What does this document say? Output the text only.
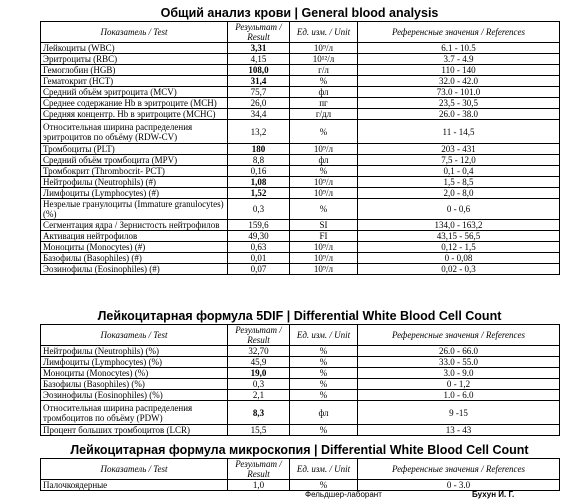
Общий анализ крови | General blood analysis
Показатель / Test	Результат / Result	Ед. изм. / Unit	Референсные значения / References
Лейкоциты (WBC)	3,31	10⁹/л	6.1 - 10.5
Эритроциты (RBC)	4,15	10¹²/л	3.7 - 4.9
Гемоглобин (HGB)	108,0	г/л	110 - 140
Гематокрит (HCT)	31,4	%	32.0 - 42.0
Средний объём эритроцита (MCV)	75,7	фл	73.0 - 101.0
Среднее содержание Hb в эритроците (MCH)	26,0	пг	23,5 - 30,5
Средняя концентр. Hb в эритроците (MCHC)	34,4	г/дл	26.0 - 38.0
Относительная ширина распределения эритроцитов по объёму (RDW-CV)	13,2	%	11 - 14,5
Тромбоциты (PLT)	180	10⁹/л	203 - 431
Средний объём тромбоцита (MPV)	8,8	фл	7,5 - 12,0
Тромбокрит (Thrombocrit- PCT)	0,16	%	0,1 - 0,4
Нейтрофилы (Neutrophils) (#)	1,08	10⁹/л	1,5 - 8,5
Лимфоциты (Lymphocytes) (#)	1,52	10⁹/л	2,0 - 8,0
Незрелые гранулоциты (Immature granulocytes) (%)	0,3	%	0 - 0,6
Сегментация ядра / Зернистость нейтрофилов	159,6	SI	134,0 - 163,2
Активация нейтрофилов	49,30	FI	43,15 - 56,5
Моноциты (Monocytes) (#)	0,63	10⁹/л	0,12 - 1,5
Базофилы (Basophiles) (#)	0,01	10⁹/л	0 - 0,08
Эозинофилы (Eosinophiles) (#)	0,07	10⁹/л	0,02 - 0,3
Лейкоцитарная формула 5DIF | Differential White Blood Cell Count
Показатель / Test	Результат / Result	Ед. изм. / Unit	Референсные значения / References
Нейтрофилы (Neutrophils) (%)	32,70	%	26.0 - 66.0
Лимфоциты (Lymphocytes) (%)	45,9	%	33.0 - 55.0
Моноциты (Monocytes) (%)	19,0	%	3.0 - 9.0
Базофилы (Basophiles) (%)	0,3	%	0 - 1,2
Эозинофилы (Eosinophiles) (%)	2,1	%	1.0 - 6.0
Относительная ширина распределения тромбоцитов по объёму (PDW)	8,3	фл	9 -15
Процент больших тромбоцитов (LCR)	15,5	%	13 - 43
Лейкоцитарная формула микроскопия | Differential White Blood Cell Count
Показатель / Test	Результат / Result	Ед. изм. / Unit	Референсные значения / References
Палочкоядерные	1,0	%	0 - 3.0
Фельдшер-лаборант	Бухун И. Г.
